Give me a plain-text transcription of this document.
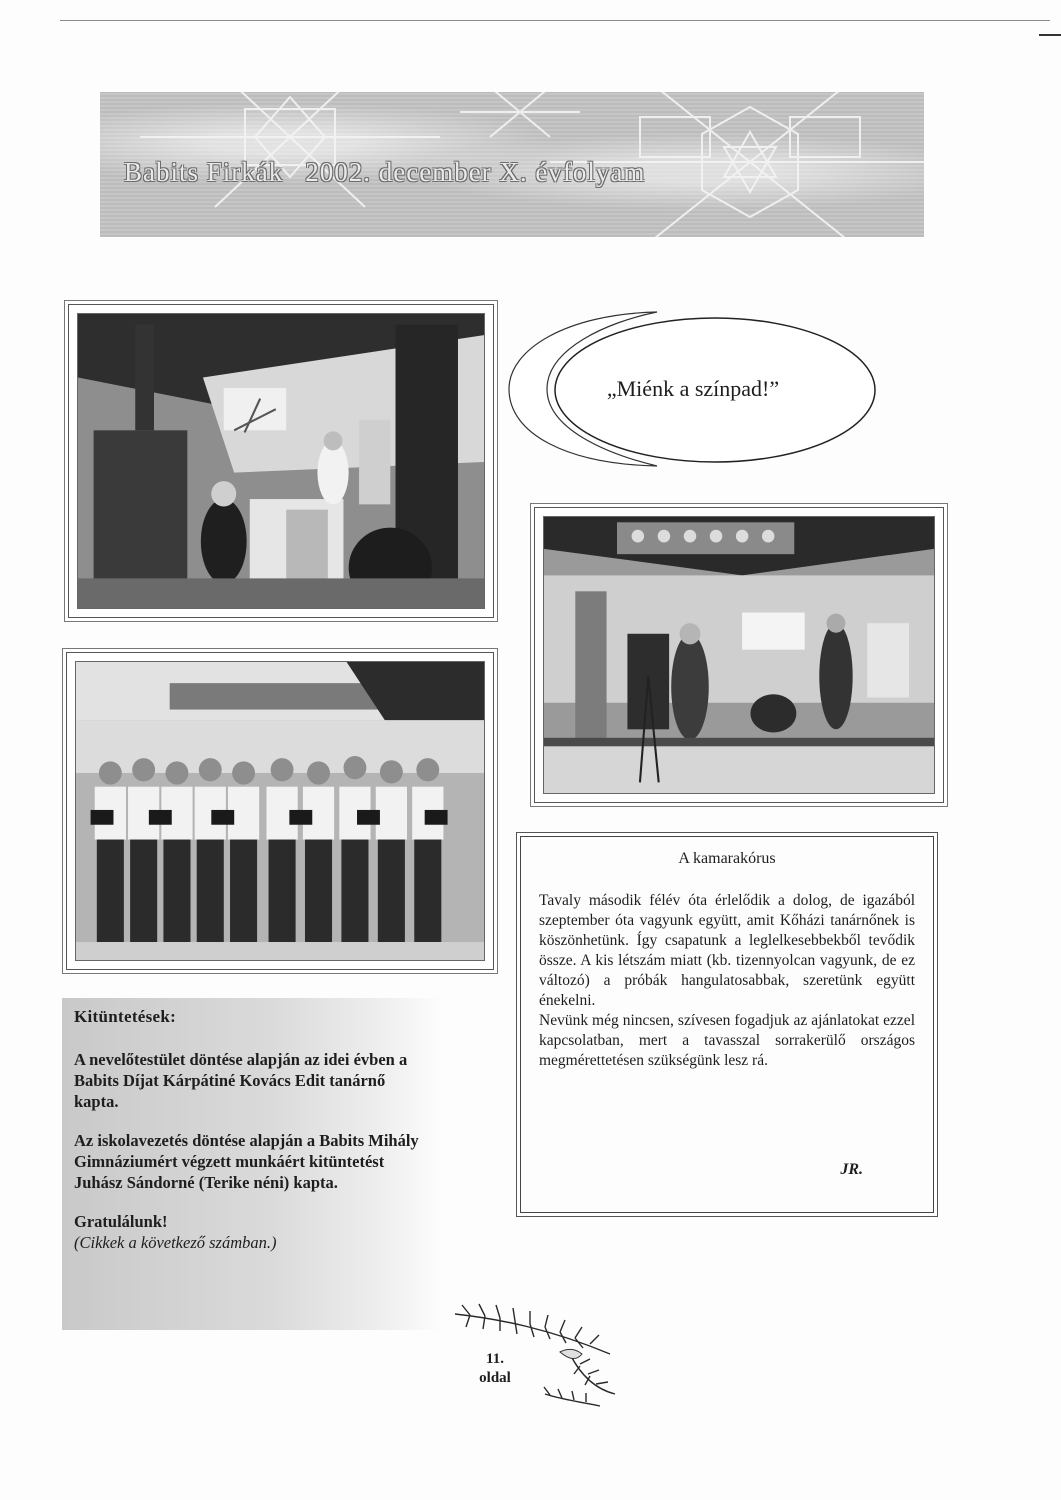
Babits Firkák 2002. december X. évfolyam
„Miénk a színpad!”
A kamarakórus

Tavaly második félév óta érlelődik a dolog, de igazából szeptember óta vagyunk együtt, amit Kőházi tanárnőnek is köszönhetünk. Így csapatunk a leglelkesebbekből tevődik össze. A kis létszám miatt (kb. tizennyolcan vagyunk, de ez változó) a próbák hangulatosabbak, szeretünk együtt énekelni.

Nevünk még nincsen, szívesen fogadjuk az ajánlatokat ezzel kapcsolatban, mert a tavasszal sorrakerülő országos megmérettetésen szükségünk lesz rá.

JR.
Kitüntetések:

A nevelőtestület döntése alapján az idei évben a Babits Díjat Kárpátiné Kovács Edit tanárnő kapta.

Az iskolavezetés döntése alapján a Babits Mihály Gimnáziumért végzett munkáért kitüntetést Juhász Sándorné (Terike néni) kapta.

Gratulálunk!
(Cikkek a következő számban.)
11.
oldal
